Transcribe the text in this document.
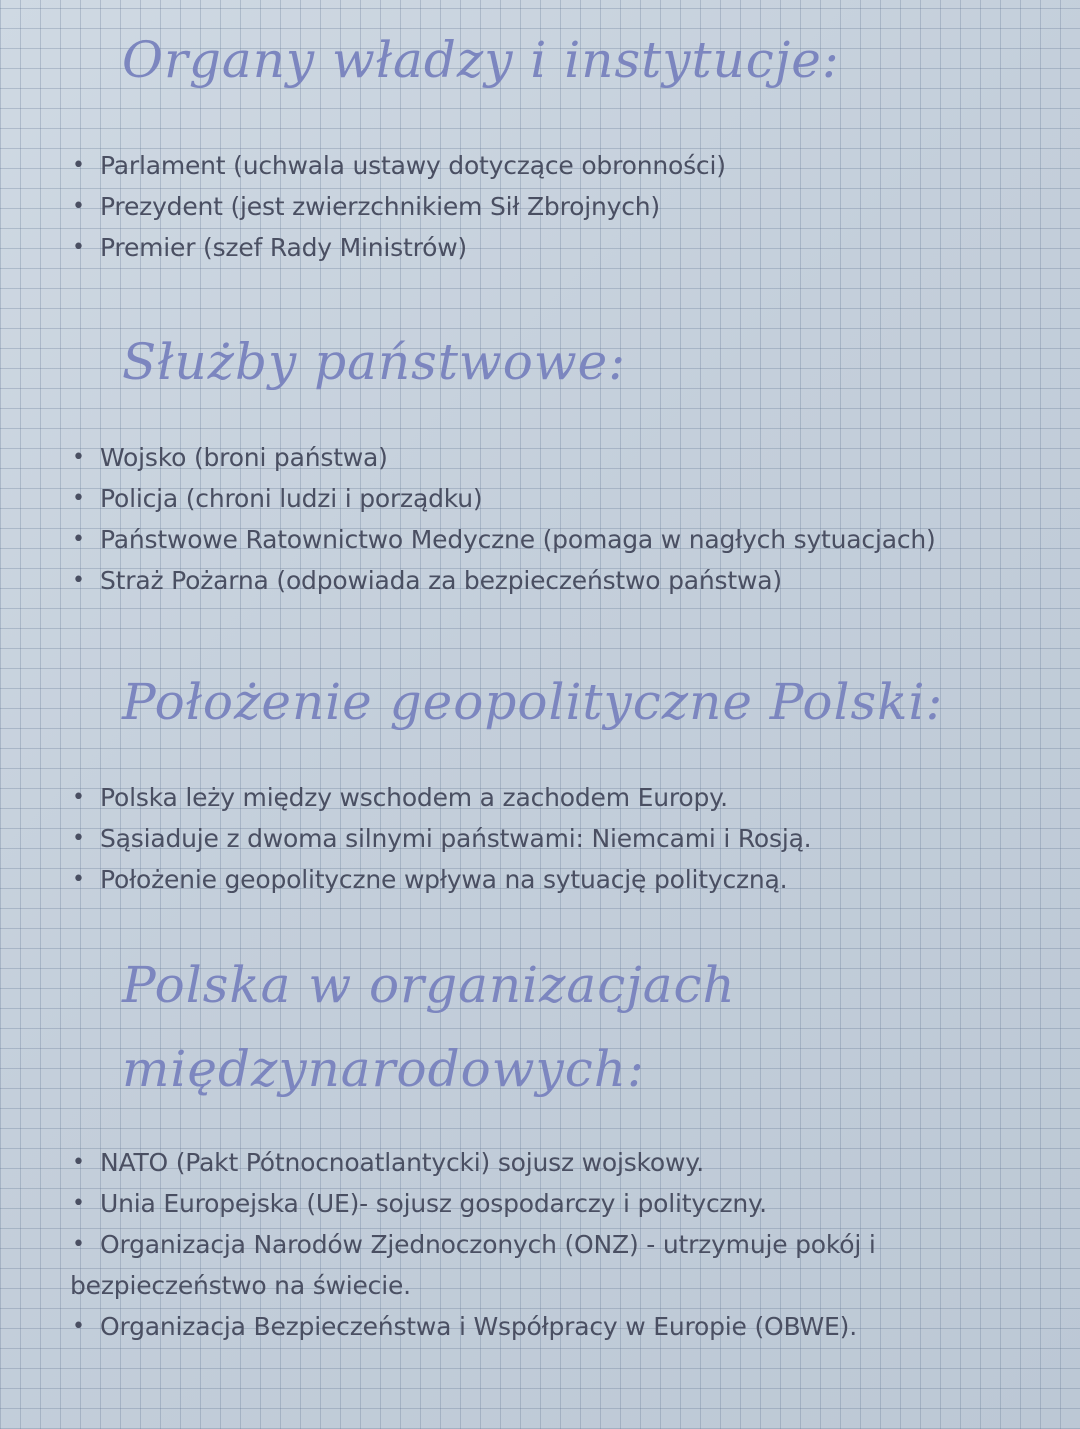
Organy władzy i instytucje:
• Parlament (uchwala ustawy dotyczące obronności)
• Prezydent (jest zwierzchnikiem Sił Zbrojnych)
• Premier (szef Rady Ministrów)
Służby państwowe:
• Wojsko (broni państwa)
• Policja (chroni ludzi i porządku)
• Państwowe Ratownictwo Medyczne (pomaga w nagłych sytuacjach)
• Straż Pożarna (odpowiada za bezpieczeństwo państwa)
Położenie geopolityczne Polski:
• Polska leży między wschodem a zachodem Europy.
• Sąsiaduje z dwoma silnymi państwami: Niemcami i Rosją.
• Położenie geopolityczne wpływa na sytuację polityczną.
Polska w organizacjach
międzynarodowych:
• NATO (Pakt Pótnocnoatlantycki) sojusz wojskowy.
• Unia Europejska (UE)- sojusz gospodarczy i polityczny.
• Organizacja Narodów Zjednoczonych (ONZ) - utrzymuje pokój i bezpieczeństwo na świecie.
• Organizacja Bezpieczeństwa i Współpracy w Europie (OBWE).
